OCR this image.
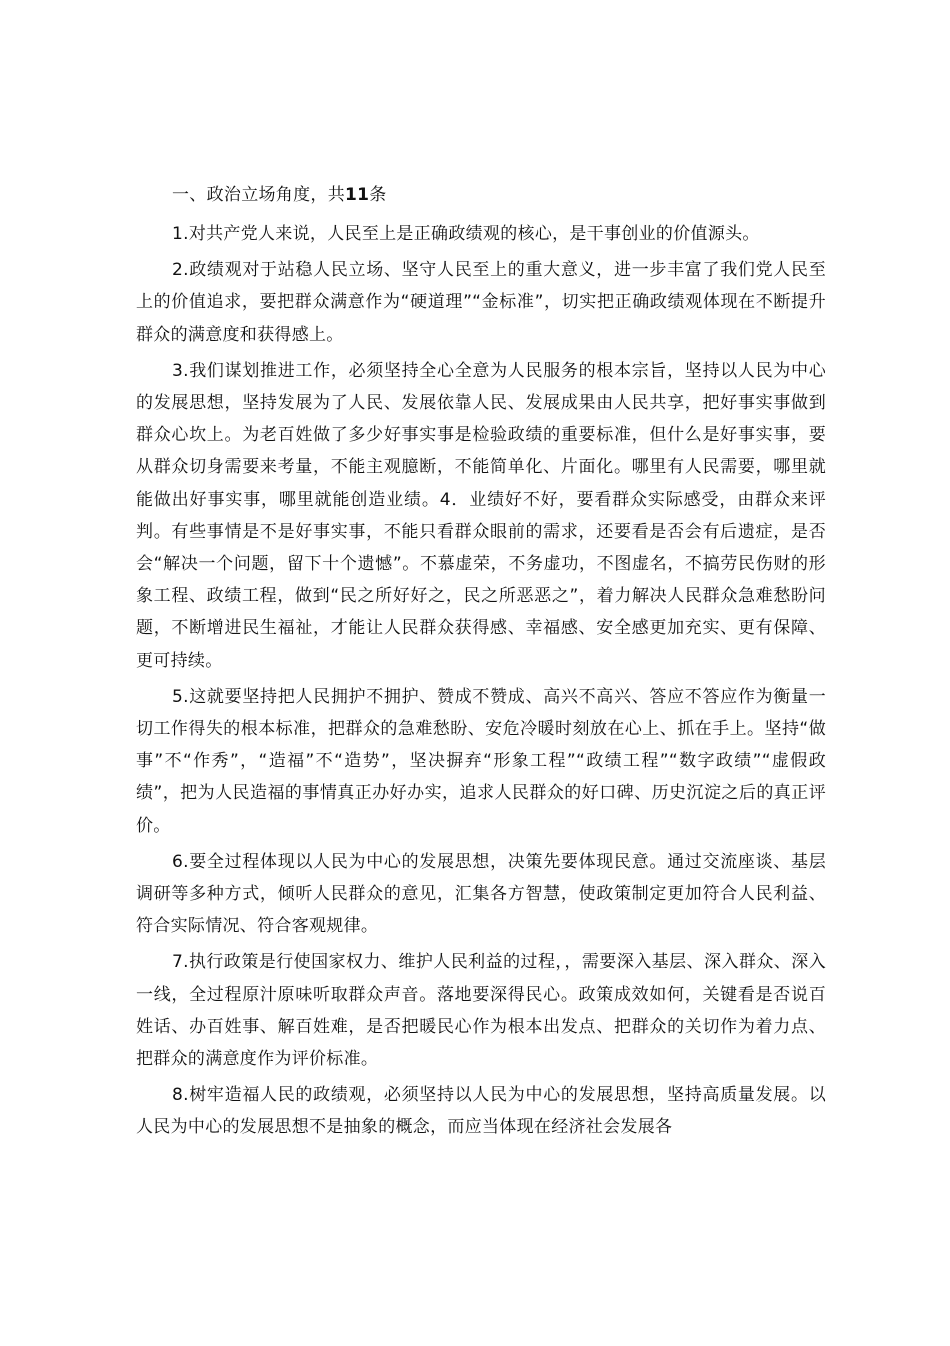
一、政治立场角度，共11条

1.对共产党人来说，人民至上是正确政绩观的核心，是干事创业的价值源头。

2.政绩观对于站稳人民立场、坚守人民至上的重大意义，进一步丰富了我们党人民至上的价值追求，要把群众满意作为“硬道理”“金标准”，切实把正确政绩观体现在不断提升群众的满意度和获得感上。

3.我们谋划推进工作，必须坚持全心全意为人民服务的根本宗旨，坚持以人民为中心的发展思想，坚持发展为了人民、发展依靠人民、发展成果由人民共享，把好事实事做到群众心坎上。为老百姓做了多少好事实事是检验政绩的重要标准，但什么是好事实事，要从群众切身需要来考量，不能主观臆断，不能简单化、片面化。哪里有人民需要，哪里就能做出好事实事，哪里就能创造业绩。4．业绩好不好，要看群众实际感受，由群众来评判。有些事情是不是好事实事，不能只看群众眼前的需求，还要看是否会有后遗症，是否会“解决一个问题，留下十个遗憾”。不慕虚荣，不务虚功，不图虚名，不搞劳民伤财的形象工程、政绩工程，做到“民之所好好之，民之所恶恶之”，着力解决人民群众急难愁盼问题，不断增进民生福祉，才能让人民群众获得感、幸福感、安全感更加充实、更有保障、更可持续。

5.这就要坚持把人民拥护不拥护、赞成不赞成、高兴不高兴、答应不答应作为衡量一切工作得失的根本标准，把群众的急难愁盼、安危冷暖时刻放在心上、抓在手上。坚持“做事”不“作秀”，“造福”不“造势”，坚决摒弃“形象工程”“政绩工程”“数字政绩”“虚假政绩”，把为人民造福的事情真正办好办实，追求人民群众的好口碑、历史沉淀之后的真正评价。

6.要全过程体现以人民为中心的发展思想，决策先要体现民意。通过交流座谈、基层调研等多种方式，倾听人民群众的意见，汇集各方智慧，使政策制定更加符合人民利益、符合实际情况、符合客观规律。

7.执行政策是行使国家权力、维护人民利益的过程，，需要深入基层、深入群众、深入一线，全过程原汁原味听取群众声音。落地要深得民心。政策成效如何，关键看是否说百姓话、办百姓事、解百姓难，是否把暖民心作为根本出发点、把群众的关切作为着力点、把群众的满意度作为评价标准。

8.树牢造福人民的政绩观，必须坚持以人民为中心的发展思想，坚持高质量发展。以人民为中心的发展思想不是抽象的概念，而应当体现在经济社会发展各
